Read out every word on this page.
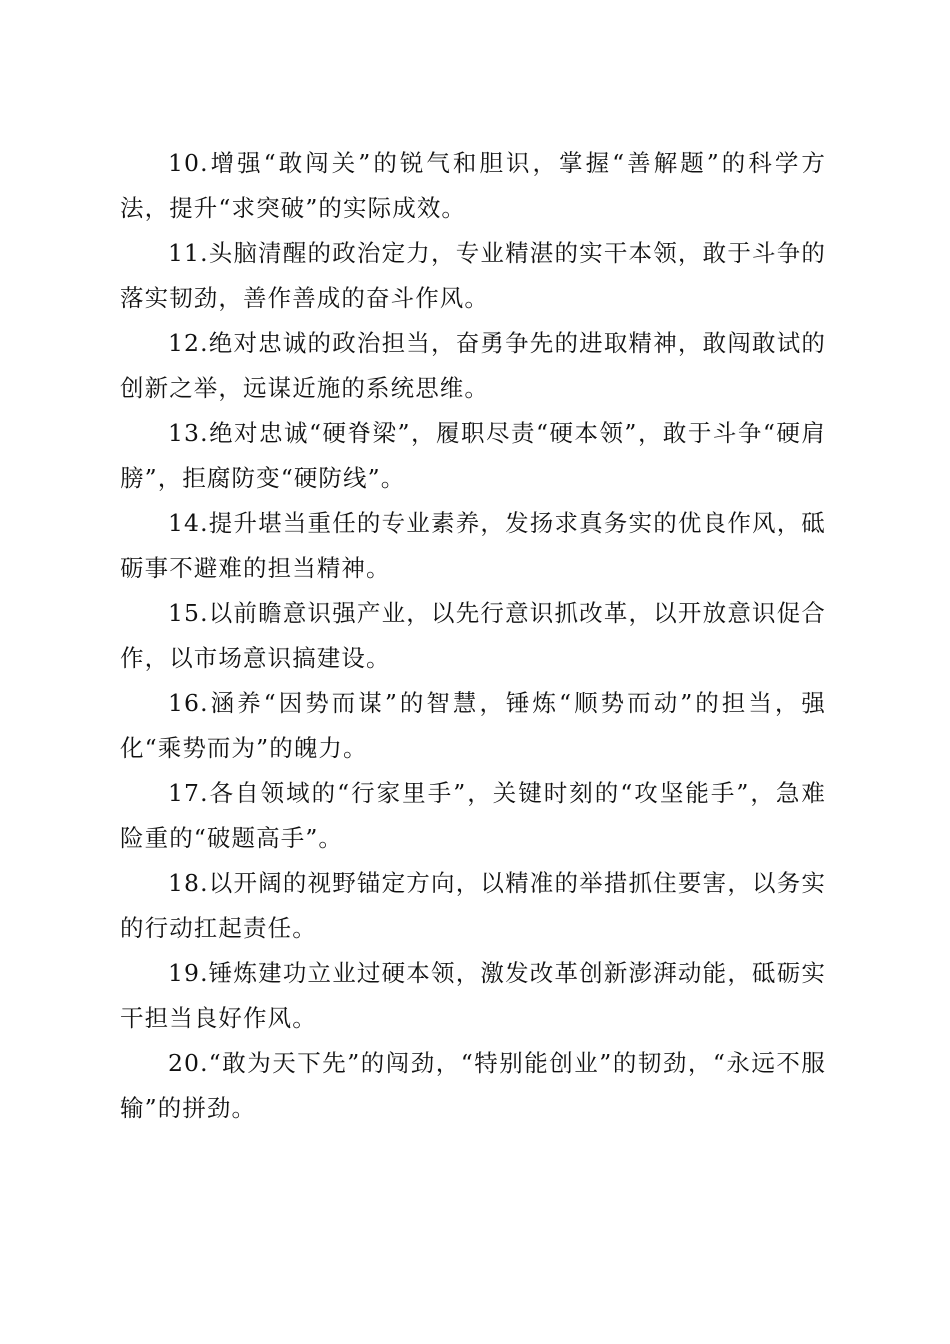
10.增强“敢闯关”的锐气和胆识，掌握“善解题”的科学方法，提升“求突破”的实际成效。

11.头脑清醒的政治定力，专业精湛的实干本领，敢于斗争的落实韧劲，善作善成的奋斗作风。

12.绝对忠诚的政治担当，奋勇争先的进取精神，敢闯敢试的创新之举，远谋近施的系统思维。

13.绝对忠诚“硬脊梁”，履职尽责“硬本领”，敢于斗争“硬肩膀”，拒腐防变“硬防线”。

14.提升堪当重任的专业素养，发扬求真务实的优良作风，砥砺事不避难的担当精神。

15.以前瞻意识强产业，以先行意识抓改革，以开放意识促合作，以市场意识搞建设。

16.涵养“因势而谋”的智慧，锤炼“顺势而动”的担当，强化“乘势而为”的魄力。

17.各自领域的“行家里手”，关键时刻的“攻坚能手”，急难险重的“破题高手”。

18.以开阔的视野锚定方向，以精准的举措抓住要害，以务实的行动扛起责任。

19.锤炼建功立业过硬本领，激发改革创新澎湃动能，砥砺实干担当良好作风。

20.“敢为天下先”的闯劲，“特别能创业”的韧劲，“永远不服输”的拼劲。
